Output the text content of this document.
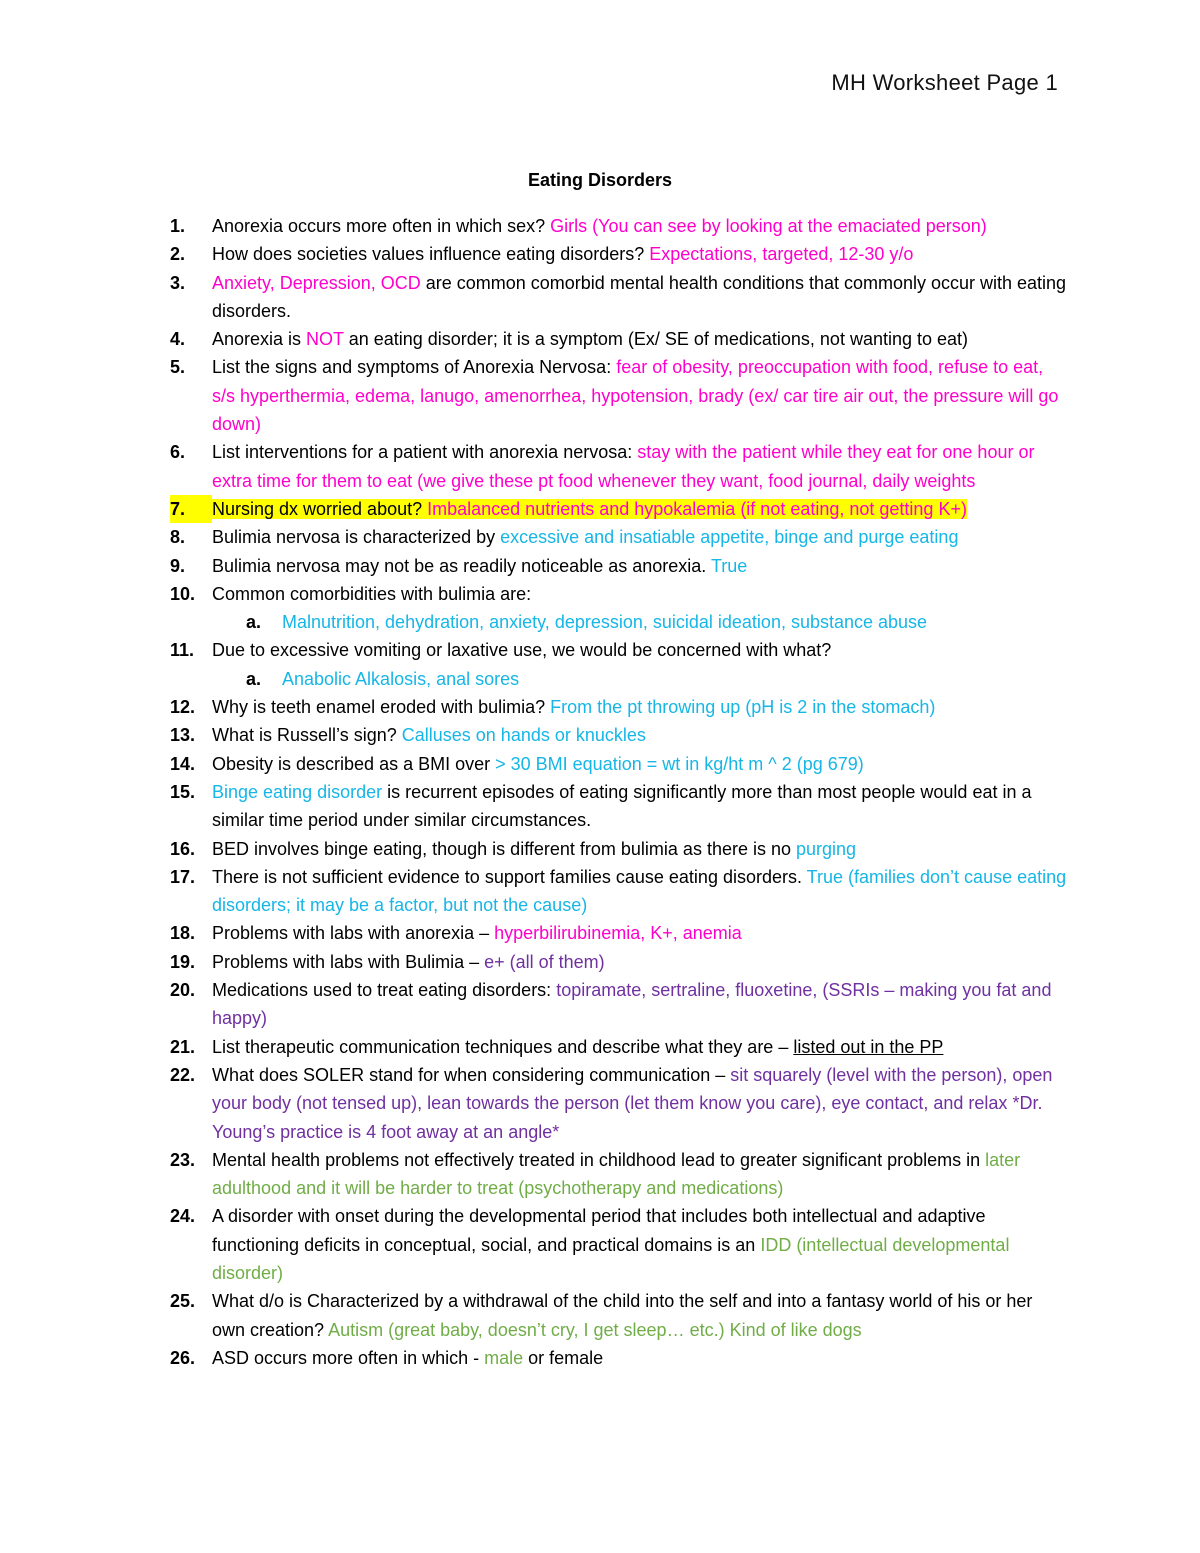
MH Worksheet Page 1
Eating Disorders
1.	Anorexia occurs more often in which sex? Girls (You can see by looking at the emaciated person)
2.	How does societies values influence eating disorders? Expectations, targeted, 12-30 y/o
3.	Anxiety, Depression, OCD are common comorbid mental health conditions that commonly occur with eating disorders.
4.	Anorexia is NOT an eating disorder; it is a symptom (Ex/ SE of medications, not wanting to eat)
5.	List the signs and symptoms of Anorexia Nervosa: fear of obesity, preoccupation with food, refuse to eat, s/s hyperthermia, edema, lanugo, amenorrhea, hypotension, brady (ex/ car tire air out, the pressure will go down)
6.	List interventions for a patient with anorexia nervosa: stay with the patient while they eat for one hour or extra time for them to eat (we give these pt food whenever they want, food journal, daily weights
7.	Nursing dx worried about? Imbalanced nutrients and hypokalemia (if not eating, not getting K+)
8.	Bulimia nervosa is characterized by excessive and insatiable appetite, binge and purge eating
9.	Bulimia nervosa may not be as readily noticeable as anorexia. True
10. Common comorbidities with bulimia are:
a.	Malnutrition, dehydration, anxiety, depression, suicidal ideation, substance abuse
11. Due to excessive vomiting or laxative use, we would be concerned with what?
a.	Anabolic Alkalosis, anal sores
12. Why is teeth enamel eroded with bulimia? From the pt throwing up (pH is 2 in the stomach)
13. What is Russell’s sign? Calluses on hands or knuckles
14. Obesity is described as a BMI over > 30 BMI equation = wt in kg/ht m ^ 2 (pg 679)
15. Binge eating disorder is recurrent episodes of eating significantly more than most people would eat in a similar time period under similar circumstances.
16. BED involves binge eating, though is different from bulimia as there is no purging
17. There is not sufficient evidence to support families cause eating disorders. True (families don’t cause eating disorders; it may be a factor, but not the cause)
18. Problems with labs with anorexia – hyperbilirubinemia, K+, anemia
19. Problems with labs with Bulimia – e+ (all of them)
20. Medications used to treat eating disorders: topiramate, sertraline, fluoxetine, (SSRIs – making you fat and happy)
21. List therapeutic communication techniques and describe what they are – listed out in the PP
22. What does SOLER stand for when considering communication – sit squarely (level with the person), open your body (not tensed up), lean towards the person (let them know you care), eye contact, and relax *Dr. Young’s practice is 4 foot away at an angle*
23. Mental health problems not effectively treated in childhood lead to greater significant problems in later adulthood and it will be harder to treat (psychotherapy and medications)
24. A disorder with onset during the developmental period that includes both intellectual and adaptive functioning deficits in conceptual, social, and practical domains is an IDD (intellectual developmental disorder)
25. What d/o is Characterized by a withdrawal of the child into the self and into a fantasy world of his or her own creation? Autism (great baby, doesn’t cry, I get sleep… etc.) Kind of like dogs
26. ASD occurs more often in which - male or female
